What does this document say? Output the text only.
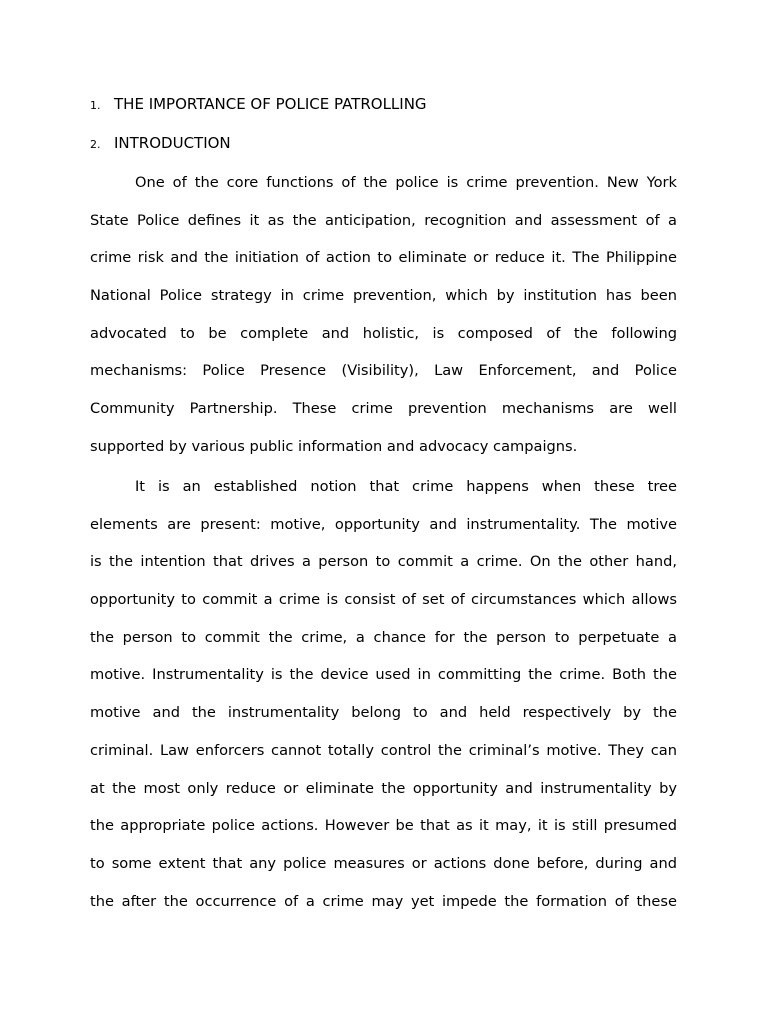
1. THE IMPORTANCE OF POLICE PATROLLING
2. INTRODUCTION
One of the core functions of the police is crime prevention. New York
State Police defines it as the anticipation, recognition and assessment of a
crime risk and the initiation of action to eliminate or reduce it. The Philippine
National Police strategy in crime prevention, which by institution has been
advocated to be complete and holistic, is composed of the following
mechanisms: Police Presence (Visibility), Law Enforcement, and Police
Community Partnership. These crime prevention mechanisms are well
supported by various public information and advocacy campaigns.
It is an established notion that crime happens when these tree
elements are present: motive, opportunity and instrumentality. The motive
is the intention that drives a person to commit a crime. On the other hand,
opportunity to commit a crime is consist of set of circumstances which allows
the person to commit the crime, a chance for the person to perpetuate a
motive. Instrumentality is the device used in committing the crime. Both the
motive and the instrumentality belong to and held respectively by the
criminal. Law enforcers cannot totally control the criminal’s motive. They can
at the most only reduce or eliminate the opportunity and instrumentality by
the appropriate police actions. However be that as it may, it is still presumed
to some extent that any police measures or actions done before, during and
the after the occurrence of a crime may yet impede the formation of these
